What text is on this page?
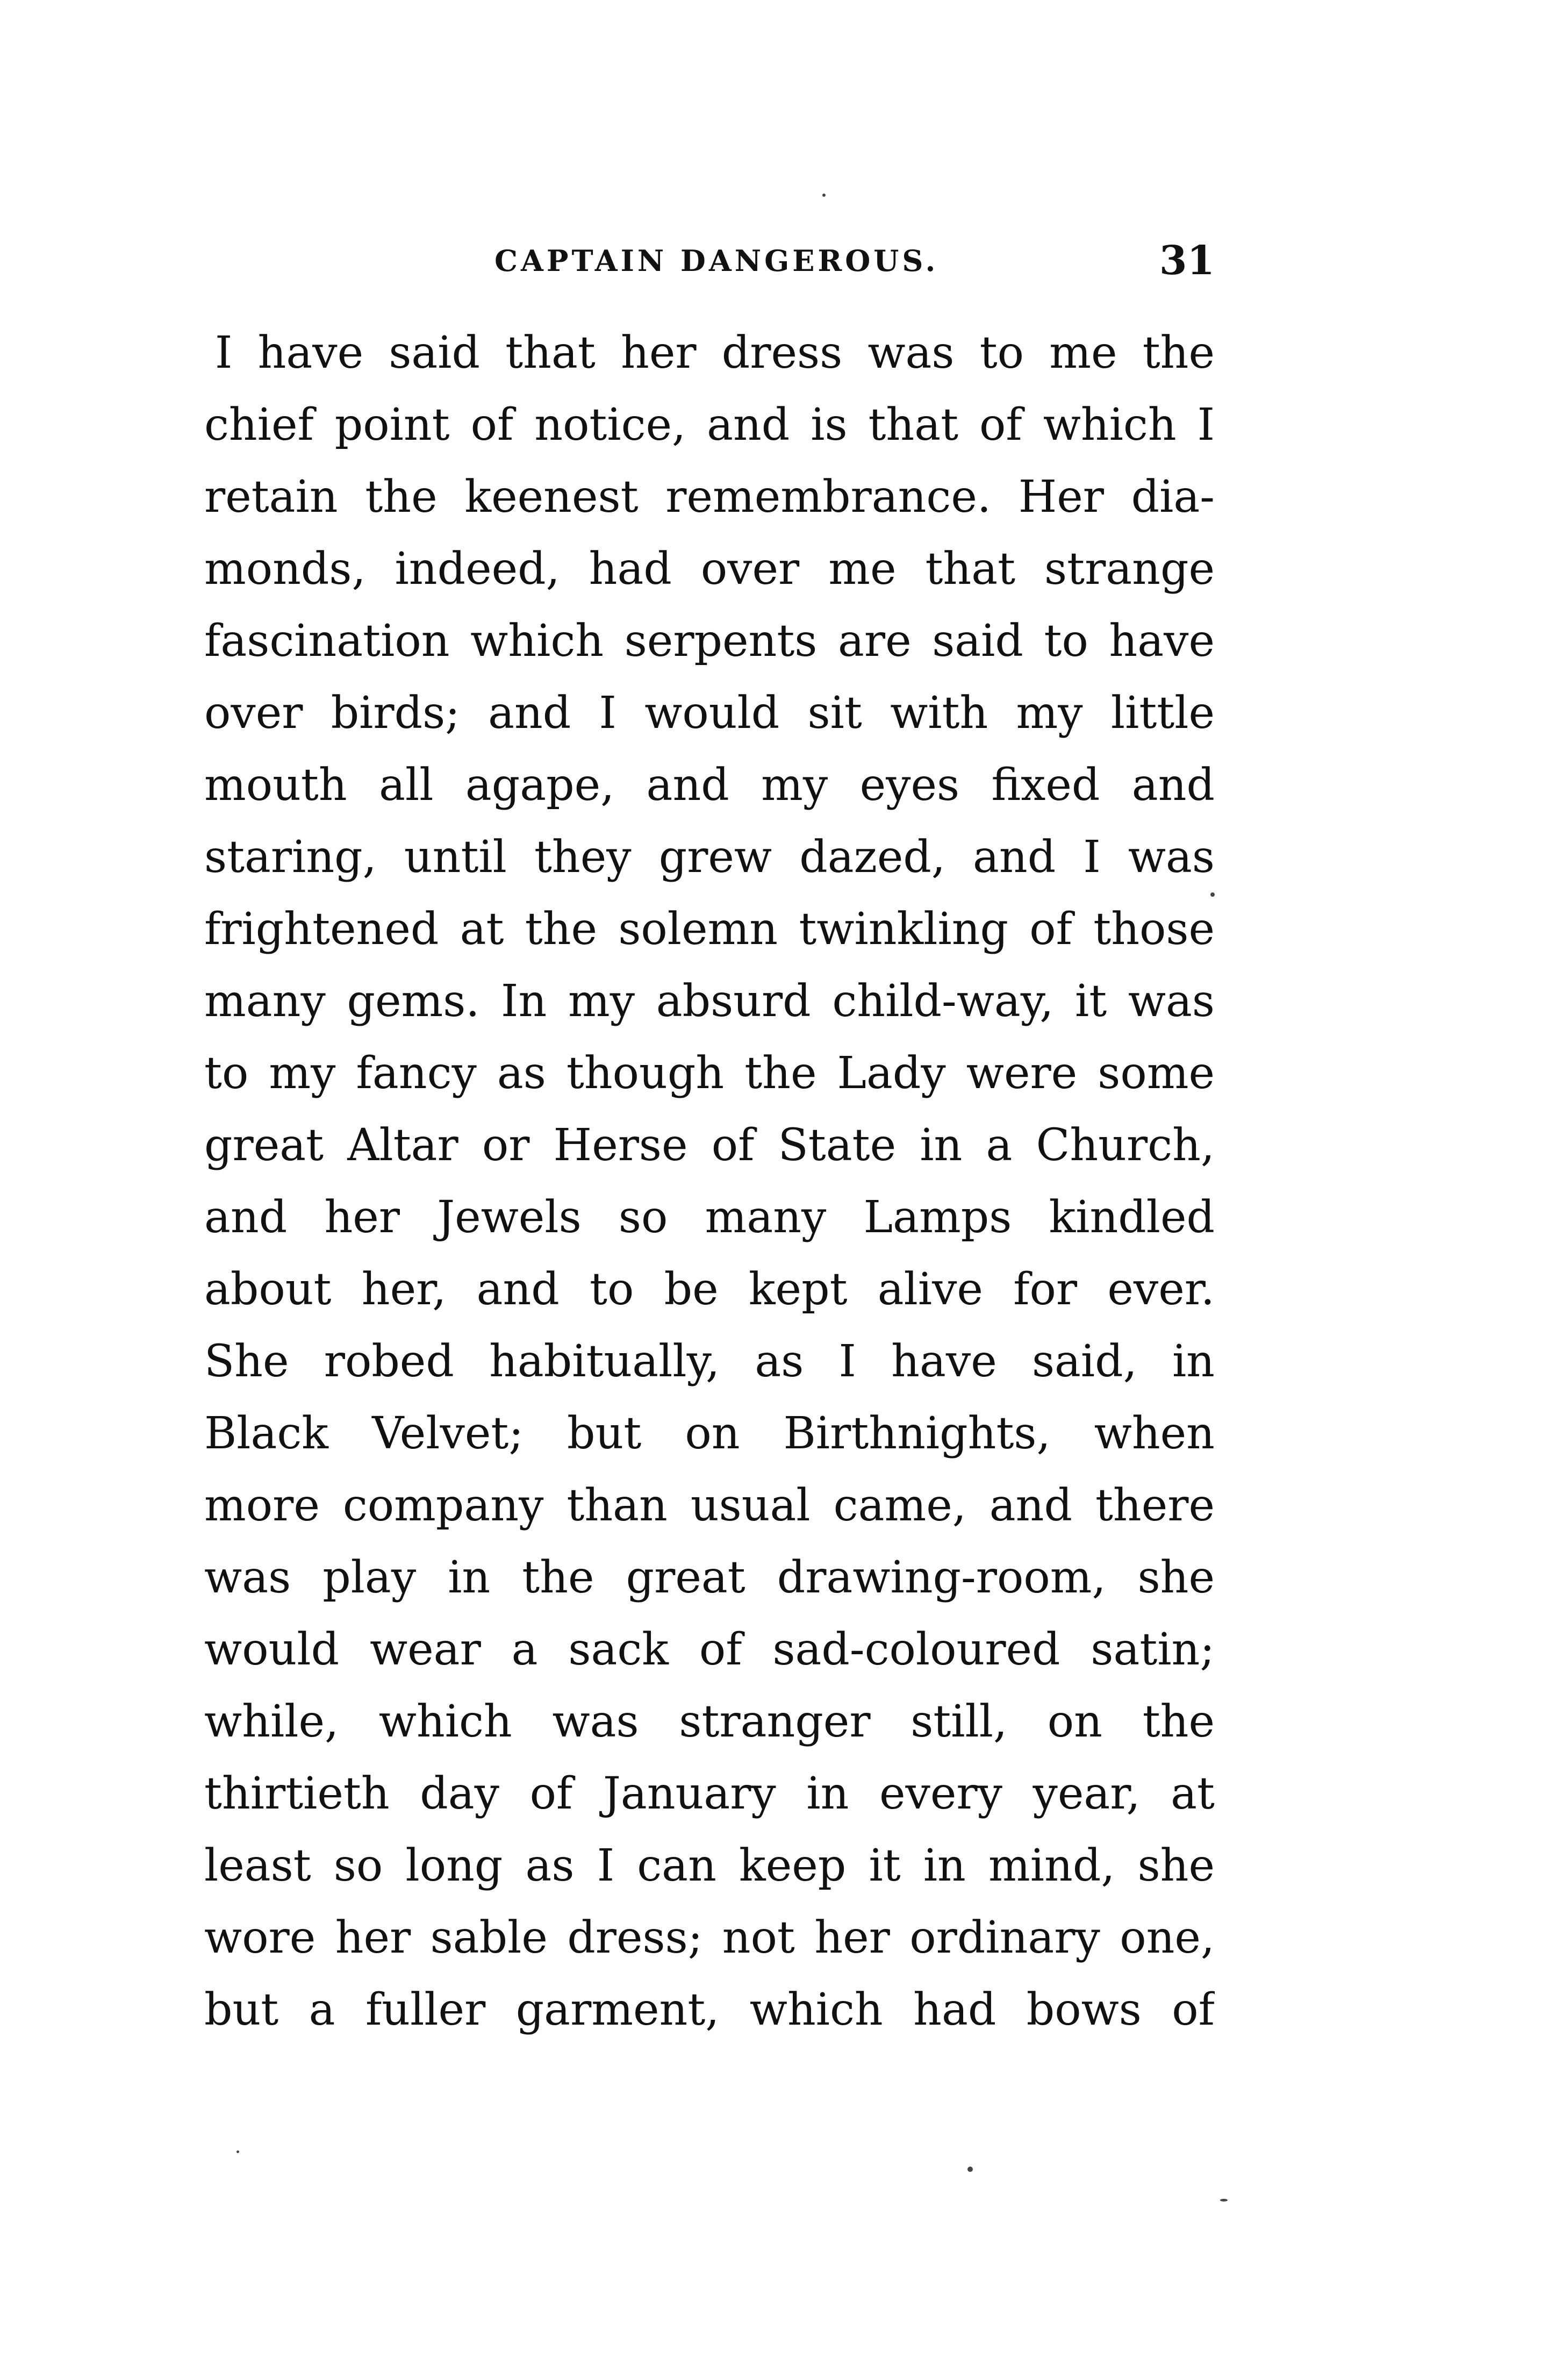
CAPTAIN DANGEROUS.	31
I have said that her dress was to me the
chief point of notice, and is that of which I
retain the keenest remembrance. Her dia-
monds, indeed, had over me that strange
fascination which serpents are said to have
over birds; and I would sit with my little
mouth all agape, and my eyes fixed and
staring, until they grew dazed, and I was
frightened at the solemn twinkling of those
many gems. In my absurd child-way, it was
to my fancy as though the Lady were some
great Altar or Herse of State in a Church,
and her Jewels so many Lamps kindled
about her, and to be kept alive for ever.
She robed habitually, as I have said, in
Black Velvet; but on Birthnights, when
more company than usual came, and there
was play in the great drawing-room, she
would wear a sack of sad-coloured satin;
while, which was stranger still, on the
thirtieth day of January in every year, at
least so long as I can keep it in mind, she
wore her sable dress; not her ordinary one,
but a fuller garment, which had bows of
